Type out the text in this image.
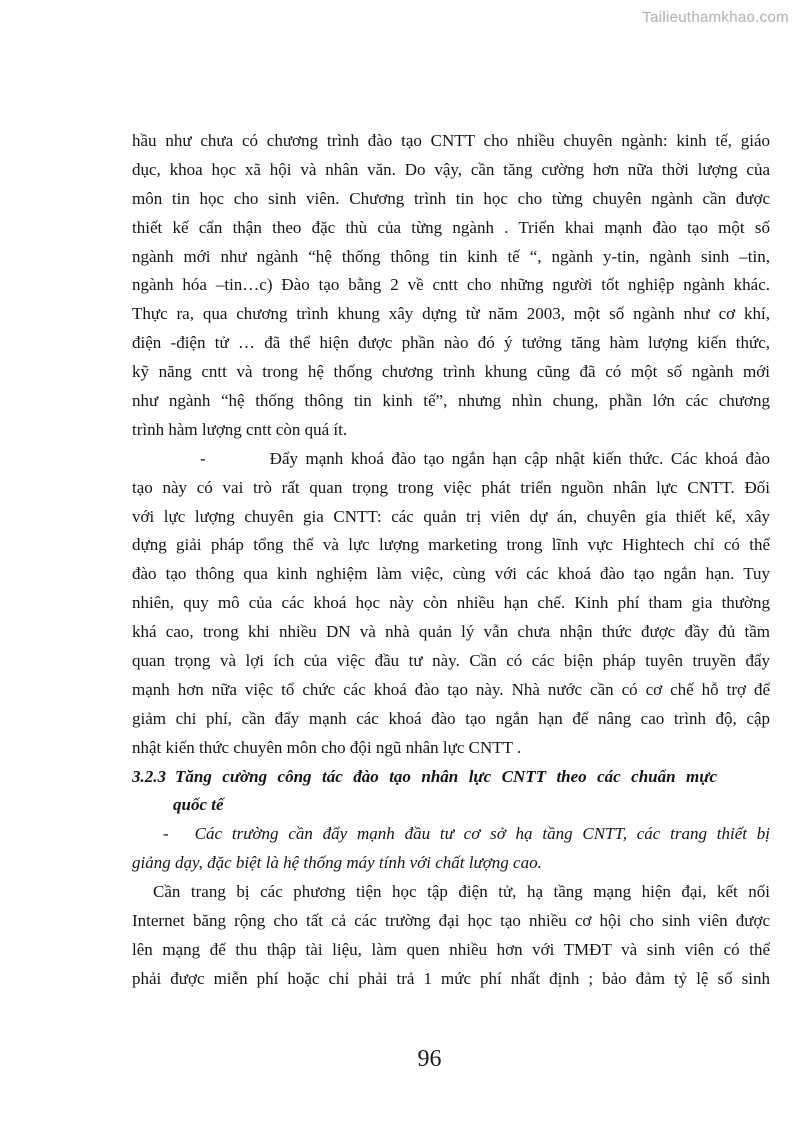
Tailieuthamkhao.com
hầu như chưa có chương trình đào tạo CNTT cho nhiều chuyên ngành: kinh tế, giáo
dục, khoa học xã hội và nhân văn. Do vậy, cần tăng cường hơn nữa thời lượng của
môn tin học cho sinh viên. Chương trình tin học cho từng chuyên ngành cần được
thiết kế cẩn thận theo đặc thù của từng ngành . Triển khai mạnh đào tạo một số
ngành mới như ngành “hệ thống thông tin kinh tế “, ngành y-tin, ngành sinh –tin,
ngành hóa –tin…c) Đào tạo bằng 2 về cntt cho những người tốt nghiệp ngành khác.
Thực ra, qua chương trình khung xây dựng từ năm 2003, một số ngành như cơ khí,
điện -điện tử … đã thể hiện được phần nào đó ý tưởng tăng hàm lượng kiến thức,
kỹ năng cntt và trong hệ thống chương trình khung cũng đã có một số ngành mới
như ngành “hệ thống thông tin kinh tế”, nhưng nhìn chung, phần lớn các chương
trình hàm lượng cntt còn quá ít.
-	Đẩy mạnh khoá đào tạo ngắn hạn cập nhật kiến thức. Các khoá đào
tạo này có vai trò rất quan trọng trong việc phát triển nguồn nhân lực CNTT. Đối
với lực lượng chuyên gia CNTT: các quản trị viên dự án, chuyên gia thiết kế, xây
dựng giải pháp tổng thể và lực lượng marketing trong lĩnh vực Hightech chỉ có thể
đào tạo thông qua kinh nghiệm làm việc, cùng với các khoá đào tạo ngắn hạn. Tuy
nhiên, quy mô của các khoá học này còn nhiều hạn chế. Kinh phí tham gia thường
khá cao, trong khi nhiều DN và nhà quản lý vẫn chưa nhận thức được đầy đủ tầm
quan trọng và lợi ích của việc đầu tư này. Cần có các biện pháp tuyên truyền đẩy
mạnh hơn nữa việc tổ chức các khoá đào tạo này. Nhà nước cần có cơ chế hỗ trợ để
giảm chi phí, cần đẩy mạnh các khoá đào tạo ngắn hạn để nâng cao trình độ, cập
nhật kiến thức chuyên môn cho đội ngũ nhân lực CNTT .
3.2.3 Tăng cường công tác đào tạo nhân lực CNTT theo các chuẩn mực
quốc tế
- Các trường cần đẩy mạnh đầu tư cơ sở hạ tầng CNTT, các trang thiết bị
giảng dạy, đặc biệt là hệ thống máy tính với chất lượng cao.
Cần trang bị các phương tiện học tập điện tử, hạ tầng mạng hiện đại, kết nối
Internet băng rộng cho tất cả các trường đại học tạo nhiều cơ hội cho sinh viên được
lên mạng để thu thập tài liệu, làm quen nhiều hơn với TMĐT và sinh viên có thể
phải được miễn phí hoặc chỉ phải trả 1 mức phí nhất định ; bảo đảm tỷ lệ số sinh
96
